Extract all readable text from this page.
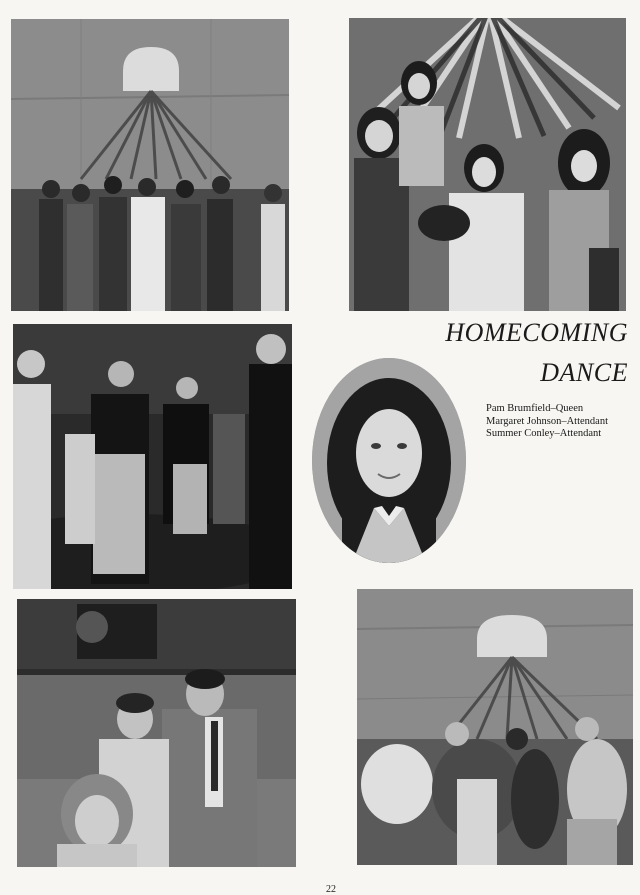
HOMECOMING
DANCE
Pam Brumfield–Queen
Margaret Johnson–Attendant
Summer Conley–Attendant
22
